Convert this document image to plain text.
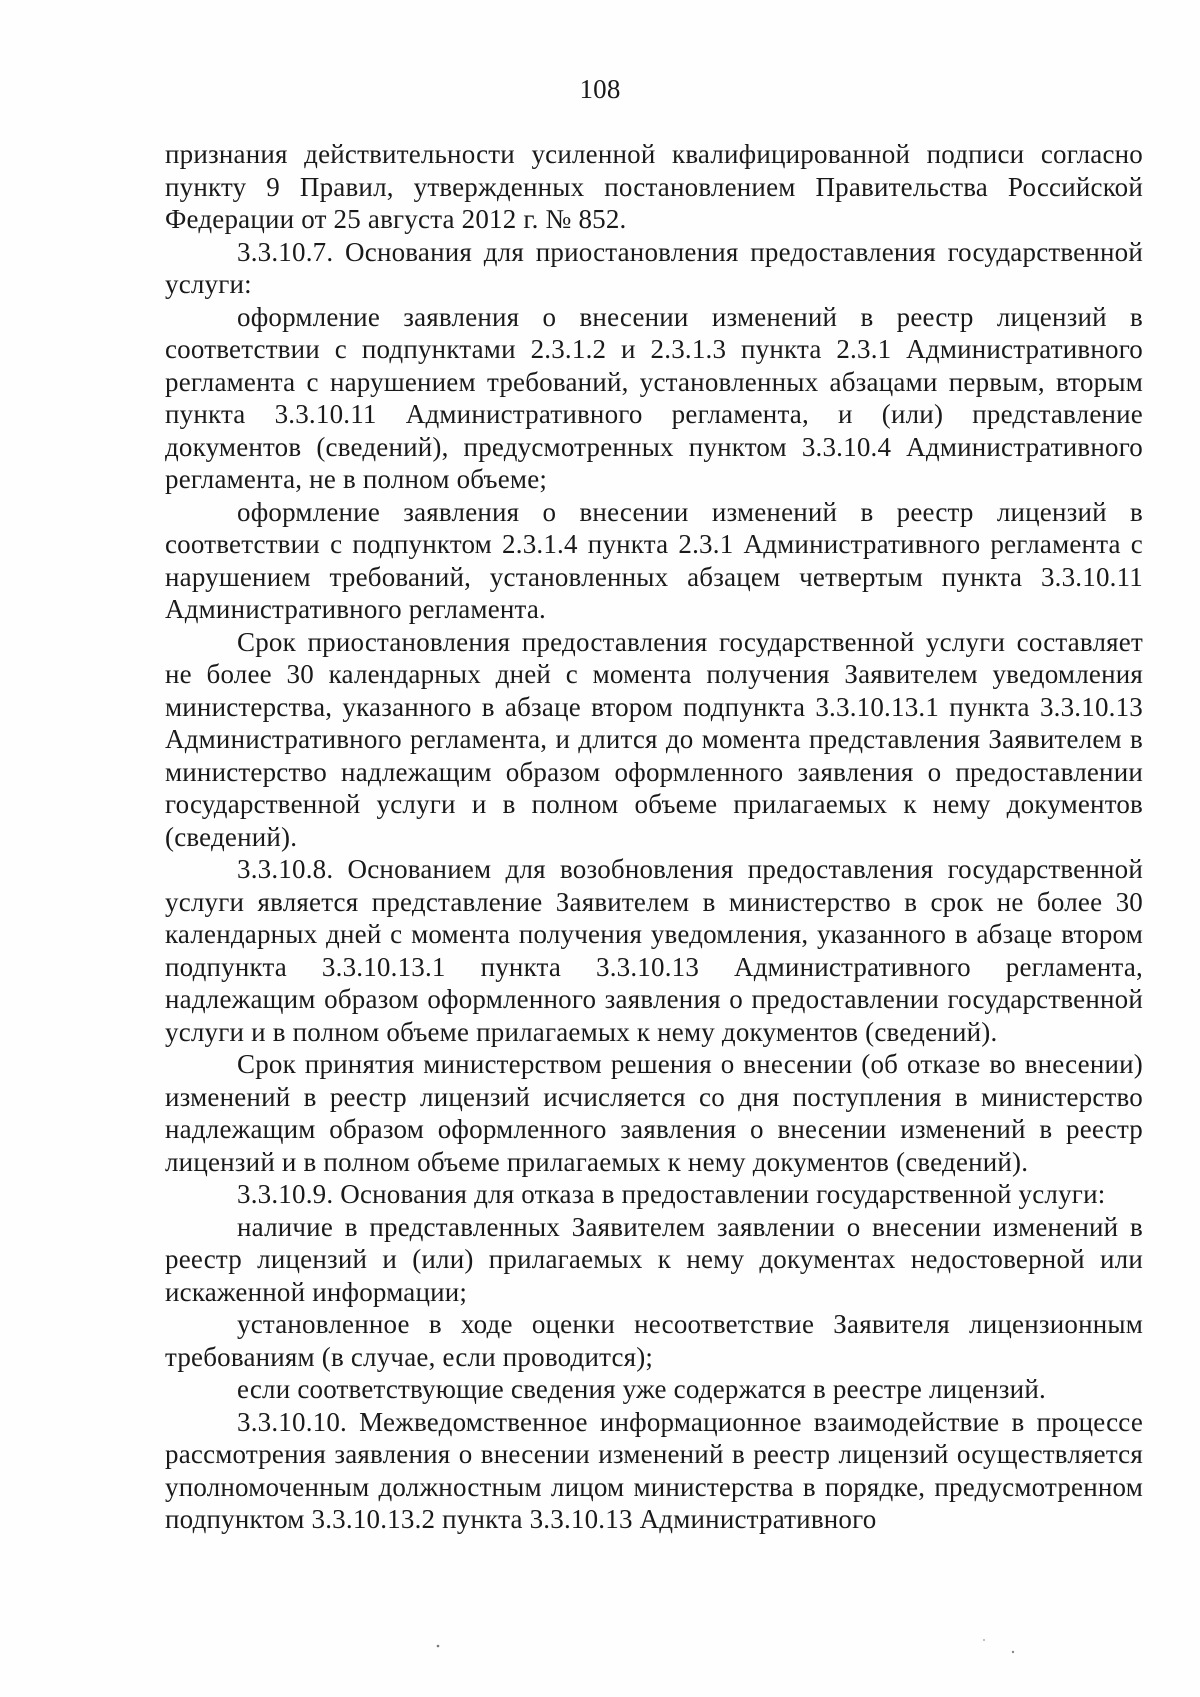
108

признания действительности усиленной квалифицированной подписи согласно пункту 9 Правил, утвержденных постановлением Правительства Российской Федерации от 25 августа 2012 г. № 852.

3.3.10.7. Основания для приостановления предоставления государственной услуги:

оформление заявления о внесении изменений в реестр лицензий в соответствии с подпунктами 2.3.1.2 и 2.3.1.3 пункта 2.3.1 Административного регламента с нарушением требований, установленных абзацами первым, вторым пункта 3.3.10.11 Административного регламента, и (или) представление документов (сведений), предусмотренных пунктом 3.3.10.4 Административного регламента, не в полном объеме;

оформление заявления о внесении изменений в реестр лицензий в соответствии с подпунктом 2.3.1.4 пункта 2.3.1 Административного регламента с нарушением требований, установленных абзацем четвертым пункта 3.3.10.11 Административного регламента.

Срок приостановления предоставления государственной услуги составляет не более 30 календарных дней с момента получения Заявителем уведомления министерства, указанного в абзаце втором подпункта 3.3.10.13.1 пункта 3.3.10.13 Административного регламента, и длится до момента представления Заявителем в министерство надлежащим образом оформленного заявления о предоставлении государственной услуги и в полном объеме прилагаемых к нему документов (сведений).

3.3.10.8. Основанием для возобновления предоставления государственной услуги является представление Заявителем в министерство в срок не более 30 календарных дней с момента получения уведомления, указанного в абзаце втором подпункта 3.3.10.13.1 пункта 3.3.10.13 Административного регламента, надлежащим образом оформленного заявления о предоставлении государственной услуги и в полном объеме прилагаемых к нему документов (сведений).

Срок принятия министерством решения о внесении (об отказе во внесении) изменений в реестр лицензий исчисляется со дня поступления в министерство надлежащим образом оформленного заявления о внесении изменений в реестр лицензий и в полном объеме прилагаемых к нему документов (сведений).

3.3.10.9. Основания для отказа в предоставлении государственной услуги:

наличие в представленных Заявителем заявлении о внесении изменений в реестр лицензий и (или) прилагаемых к нему документах недостоверной или искаженной информации;

установленное в ходе оценки несоответствие Заявителя лицензионным требованиям (в случае, если проводится);

если соответствующие сведения уже содержатся в реестре лицензий.

3.3.10.10. Межведомственное информационное взаимодействие в процессе рассмотрения заявления о внесении изменений в реестр лицензий осуществляется уполномоченным должностным лицом министерства в порядке, предусмотренном подпунктом 3.3.10.13.2 пункта 3.3.10.13 Административного
